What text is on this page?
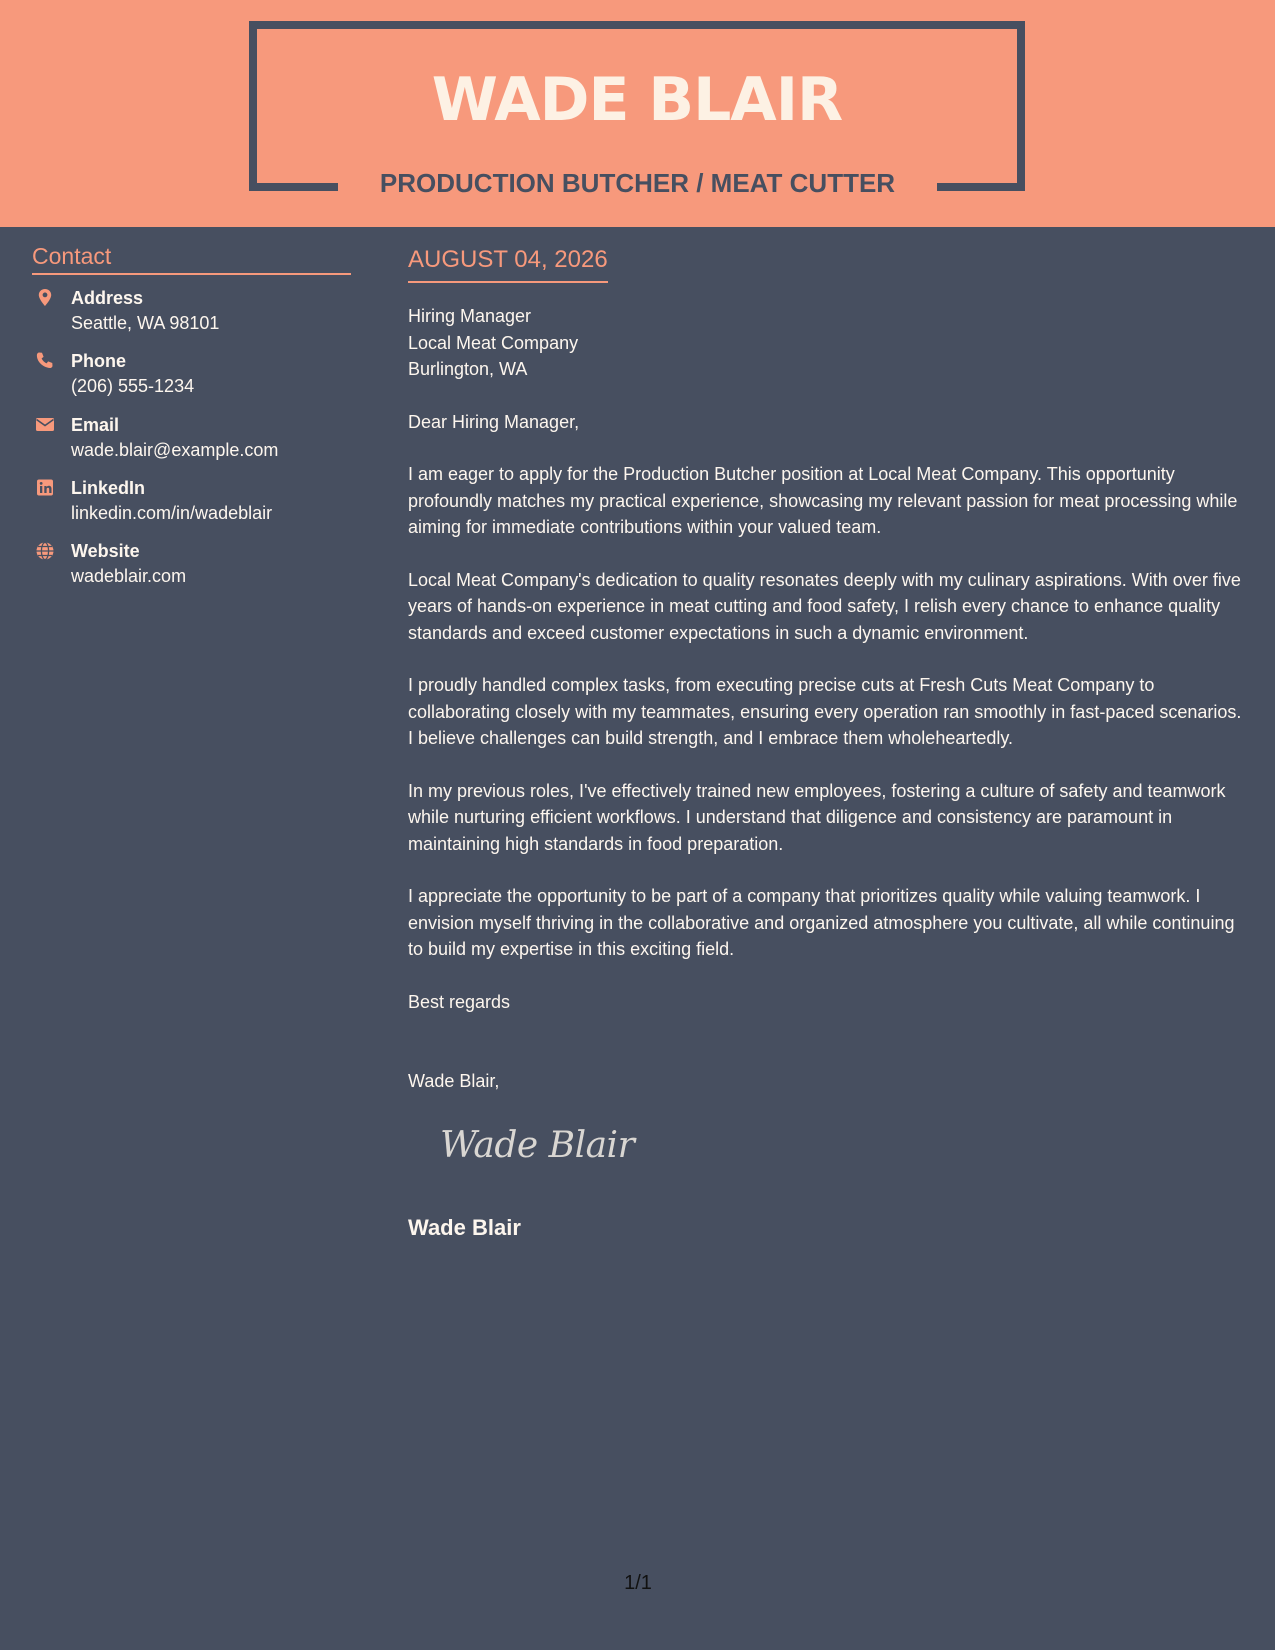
WADE BLAIR
PRODUCTION BUTCHER / MEAT CUTTER
Contact
Address
Seattle, WA 98101
Phone
(206) 555-1234
Email
wade.blair@example.com
LinkedIn
linkedin.com/in/wadeblair
Website
wadeblair.com
AUGUST 04, 2026

Hiring Manager

Local Meat Company

Burlington, WA

Dear Hiring Manager,

I am eager to apply for the Production Butcher position at Local Meat Company. This opportunity profoundly matches my practical experience, showcasing my relevant passion for meat processing while aiming for immediate contributions within your valued team.

Local Meat Company's dedication to quality resonates deeply with my culinary aspirations. With over five years of hands-on experience in meat cutting and food safety, I relish every chance to enhance quality standards and exceed customer expectations in such a dynamic environment.

I proudly handled complex tasks, from executing precise cuts at Fresh Cuts Meat Company to collaborating closely with my teammates, ensuring every operation ran smoothly in fast-paced scenarios. I believe challenges can build strength, and I embrace them wholeheartedly.

In my previous roles, I've effectively trained new employees, fostering a culture of safety and teamwork while nurturing efficient workflows. I understand that diligence and consistency are paramount in maintaining high standards in food preparation.

I appreciate the opportunity to be part of a company that prioritizes quality while valuing teamwork. I envision myself thriving in the collaborative and organized atmosphere you cultivate, all while continuing to build my expertise in this exciting field.

Best regards

Wade Blair,

Wade Blair
Wade Blair
1/1
